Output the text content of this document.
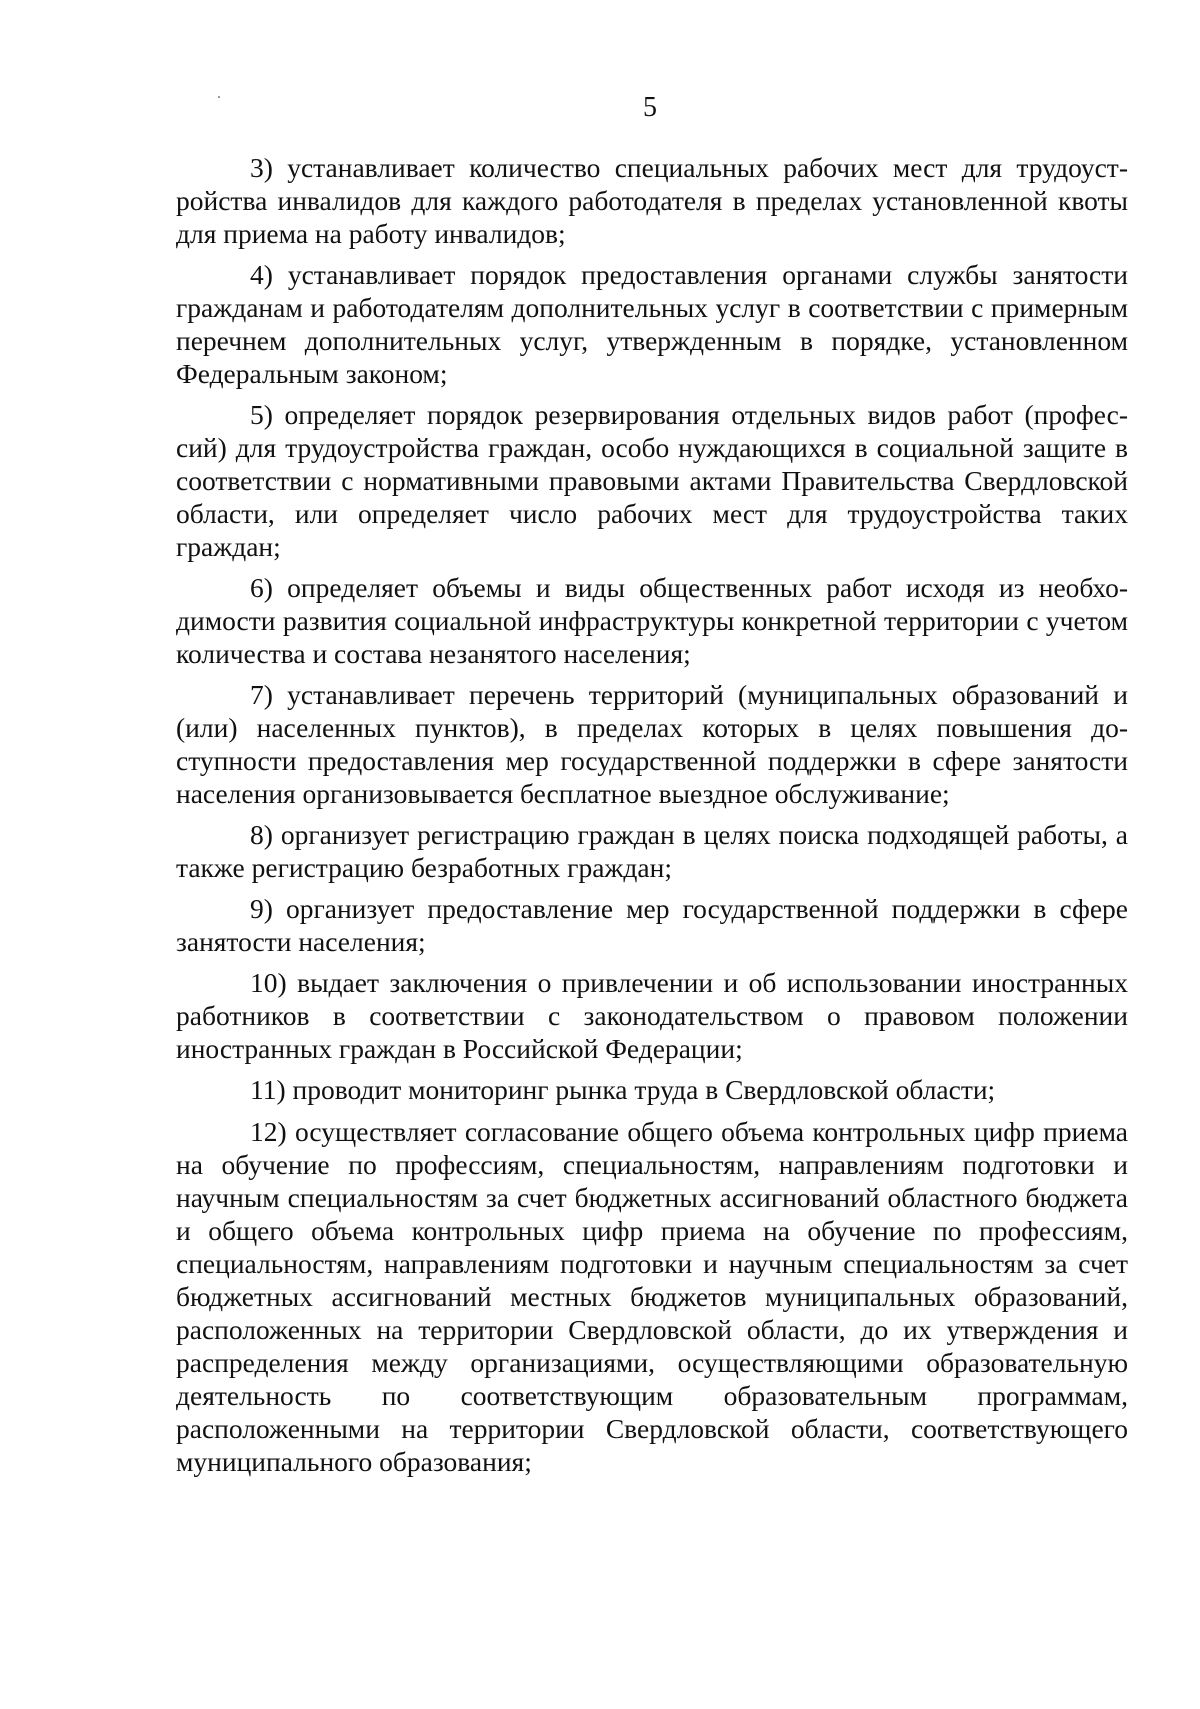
5

3) устанавливает количество специальных рабочих мест для трудоустройства инвалидов для каждого работодателя в пределах установленной квоты для приема на работу инвалидов;

4) устанавливает порядок предоставления органами службы занятости гражданам и работодателям дополнительных услуг в соответствии с примерным перечнем дополнительных услуг, утвержденным в порядке, установленном Федеральным законом;

5) определяет порядок резервирования отдельных видов работ (профессий) для трудоустройства граждан, особо нуждающихся в социальной защите в соответствии с нормативными правовыми актами Правительства Свердловской области, или определяет число рабочих мест для трудоустройства таких граждан;

6) определяет объемы и виды общественных работ исходя из необходимости развития социальной инфраструктуры конкретной территории с учетом количества и состава незанятого населения;

7) устанавливает перечень территорий (муниципальных образований и (или) населенных пунктов), в пределах которых в целях повышения доступности предоставления мер государственной поддержки в сфере занятости населения организовывается бесплатное выездное обслуживание;

8) организует регистрацию граждан в целях поиска подходящей работы, а также регистрацию безработных граждан;

9) организует предоставление мер государственной поддержки в сфере занятости населения;

10) выдает заключения о привлечении и об использовании иностранных работников в соответствии с законодательством о правовом положении иностранных граждан в Российской Федерации;

11) проводит мониторинг рынка труда в Свердловской области;

12) осуществляет согласование общего объема контрольных цифр приема на обучение по профессиям, специальностям, направлениям подготовки и научным специальностям за счет бюджетных ассигнований областного бюджета и общего объема контрольных цифр приема на обучение по профессиям, специальностям, направлениям подготовки и научным специальностям за счет бюджетных ассигнований местных бюджетов муниципальных образований, расположенных на территории Свердловской области, до их утверждения и распределения между организациями, осуществляющими образовательную деятельность по соответствующим образовательным программам, расположенными на территории Свердловской области, соответствующего муниципального образования;
